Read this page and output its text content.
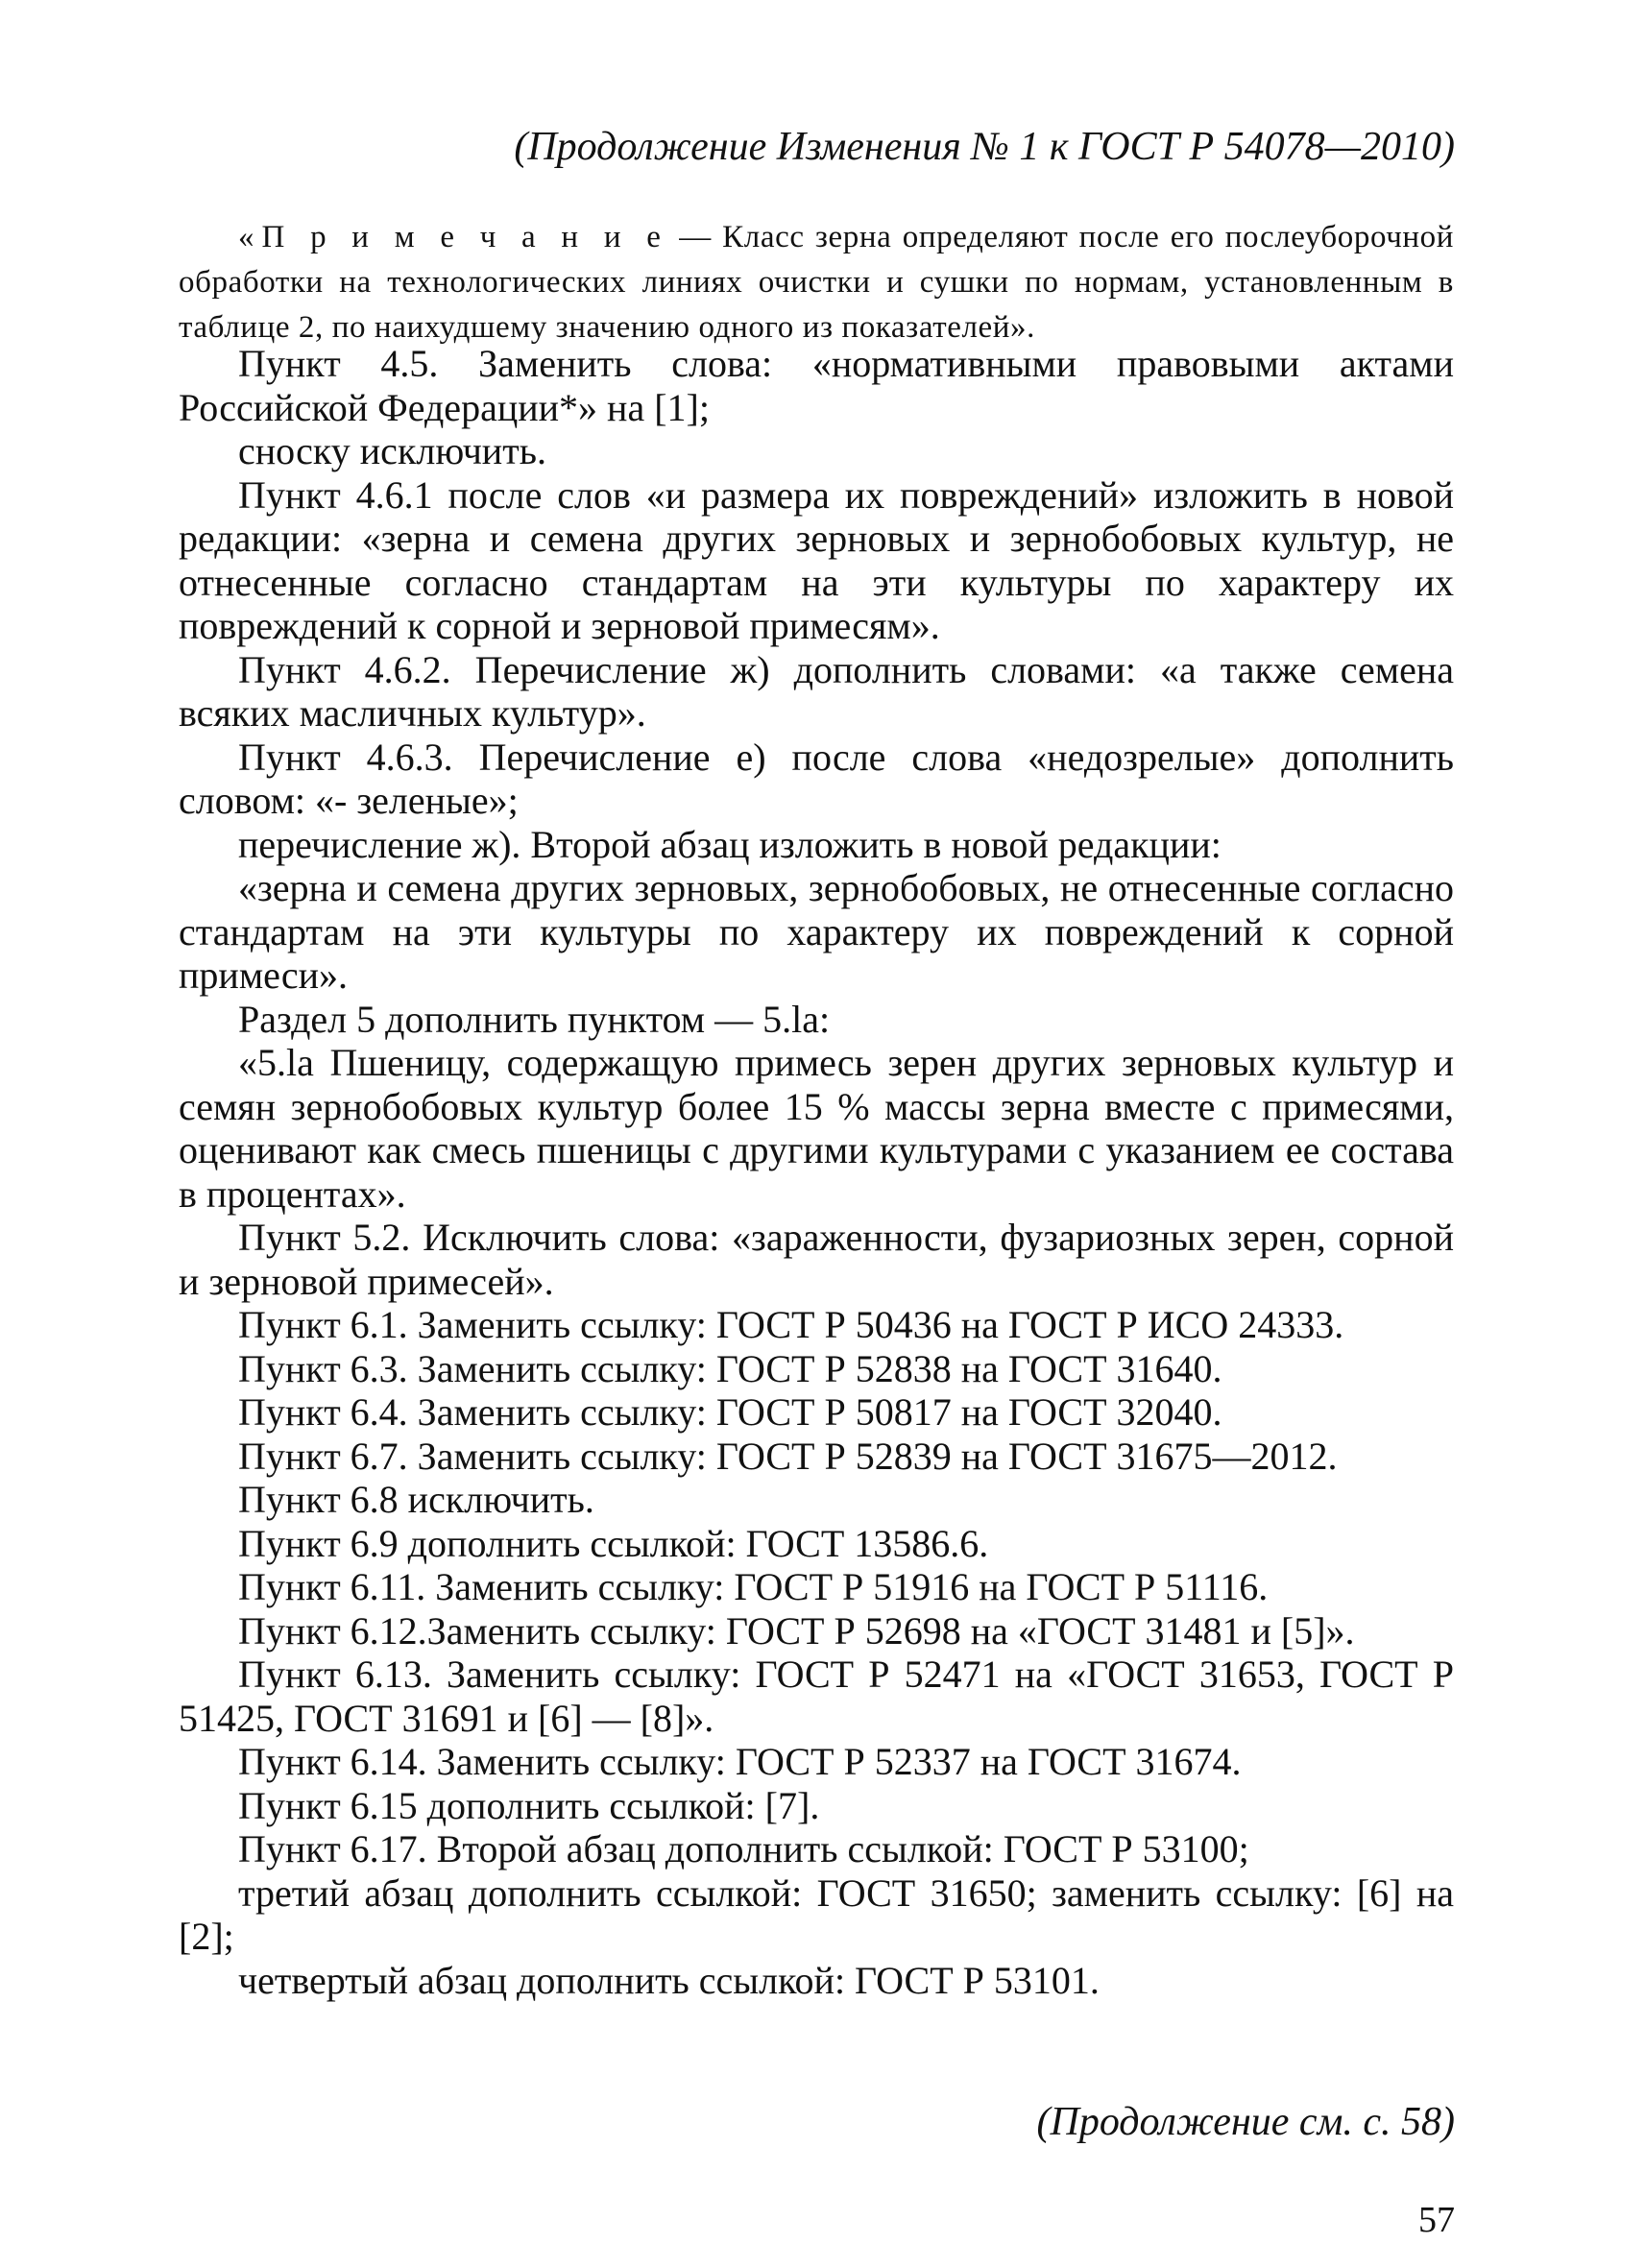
(Продолжение Изменения № 1 к ГОСТ Р 54078—2010)

«П р и м е ч а н и е — Класс зерна определяют после его послеуборочной обработки на технологических линиях очистки и сушки по нормам, установленным в таблице 2, по наихудшему значению одного из показателей».

Пункт 4.5. Заменить слова: «нормативными правовыми актами Российской Федерации*» на [1];

сноску исключить.

Пункт 4.6.1 после слов «и размера их повреждений» изложить в новой редакции: «зерна и семена других зерновых и зернобобовых культур, не отнесенные согласно стандартам на эти культуры по характеру их повреждений к сорной и зерновой примесям».

Пункт 4.6.2. Перечисление ж) дополнить словами: «а также семена всяких масличных культур».

Пункт 4.6.3. Перечисление е) после слова «недозрелые» дополнить словом: «- зеленые»;

перечисление ж). Второй абзац изложить в новой редакции:

«зерна и семена других зерновых, зернобобовых, не отнесенные согласно стандартам на эти культуры по характеру их повреждений к сорной примеси».

Раздел 5 дополнить пунктом — 5.la:

«5.la Пшеницу, содержащую примесь зерен других зерновых культур и семян зернобобовых культур более 15 % массы зерна вместе с примесями, оценивают как смесь пшеницы с другими культурами с указанием ее состава в процентах».

Пункт 5.2. Исключить слова: «зараженности, фузариозных зерен, сорной и зерновой примесей».

Пункт 6.1. Заменить ссылку: ГОСТ Р 50436 на ГОСТ Р ИСО 24333.

Пункт 6.3. Заменить ссылку: ГОСТ Р 52838 на ГОСТ 31640.

Пункт 6.4. Заменить ссылку: ГОСТ Р 50817 на ГОСТ 32040.

Пункт 6.7. Заменить ссылку: ГОСТ Р 52839 на ГОСТ 31675—2012.

Пункт 6.8 исключить.

Пункт 6.9 дополнить ссылкой: ГОСТ 13586.6.

Пункт 6.11. Заменить ссылку: ГОСТ Р 51916 на ГОСТ Р 51116.

Пункт 6.12.Заменить ссылку: ГОСТ Р 52698 на «ГОСТ 31481 и [5]».

Пункт 6.13. Заменить ссылку: ГОСТ Р 52471 на «ГОСТ 31653, ГОСТ Р 51425, ГОСТ 31691 и [6] — [8]».

Пункт 6.14. Заменить ссылку: ГОСТ Р 52337 на ГОСТ 31674.

Пункт 6.15 дополнить ссылкой: [7].

Пункт 6.17. Второй абзац дополнить ссылкой: ГОСТ Р 53100;

третий абзац дополнить ссылкой: ГОСТ 31650; заменить ссылку: [6] на [2];

четвертый абзац дополнить ссылкой: ГОСТ Р 53101.

(Продолжение см. с. 58)
57
